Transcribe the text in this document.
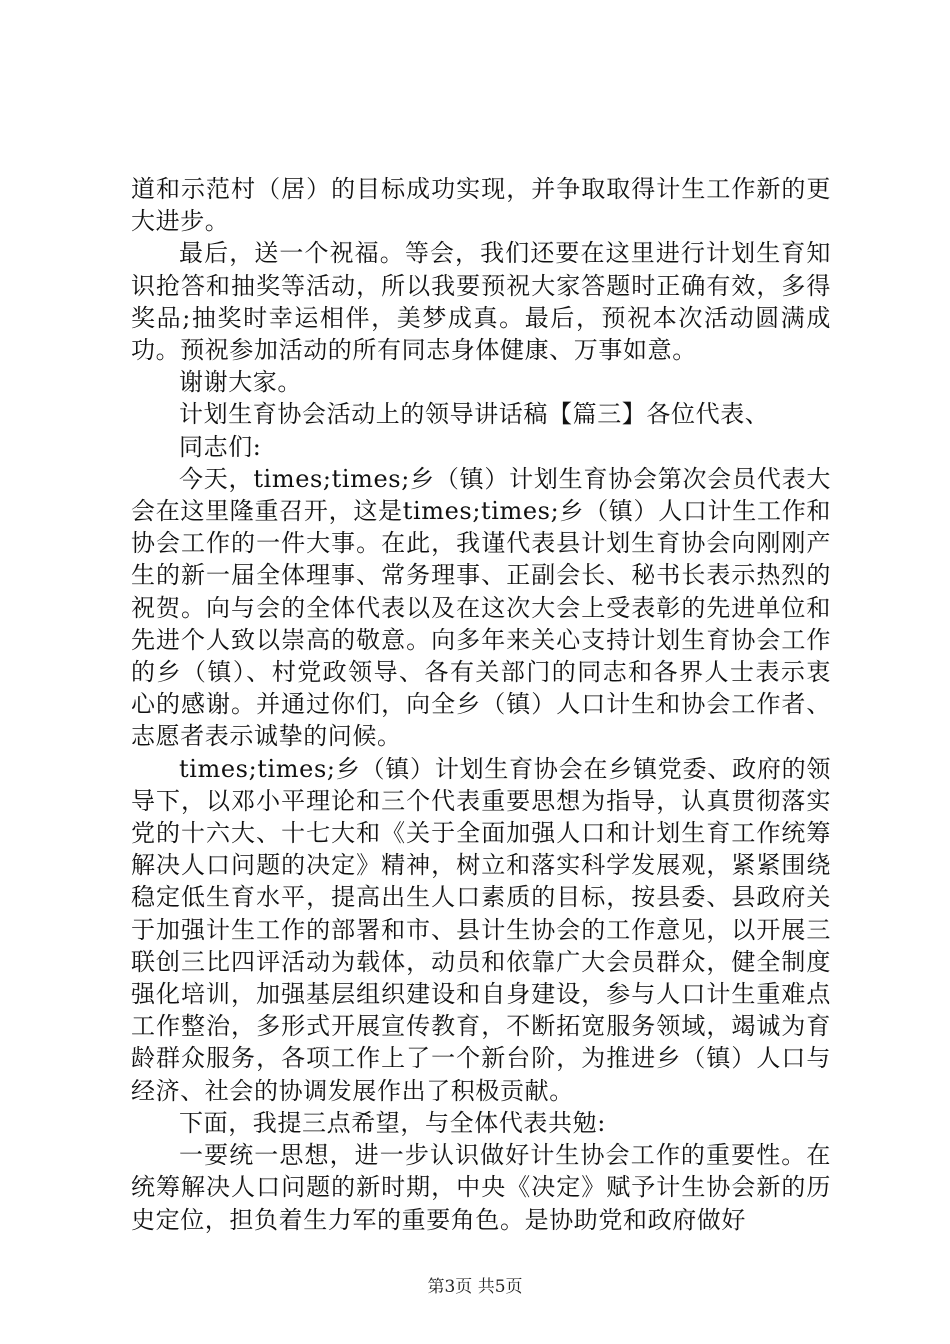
道和示范村（居）的目标成功实现，并争取取得计生工作新的更大进步。

最后，送一个祝福。等会，我们还要在这里进行计划生育知识抢答和抽奖等活动，所以我要预祝大家答题时正确有效，多得奖品;抽奖时幸运相伴，美梦成真。最后，预祝本次活动圆满成功。预祝参加活动的所有同志身体健康、万事如意。

谢谢大家。

计划生育协会活动上的领导讲话稿【篇三】各位代表、

同志们:

今天，times;times;乡（镇）计划生育协会第次会员代表大会在这里隆重召开，这是times;times;乡（镇）人口计生工作和协会工作的一件大事。在此，我谨代表县计划生育协会向刚刚产生的新一届全体理事、常务理事、正副会长、秘书长表示热烈的祝贺。向与会的全体代表以及在这次大会上受表彰的先进单位和先进个人致以崇高的敬意。向多年来关心支持计划生育协会工作的乡（镇）、村党政领导、各有关部门的同志和各界人士表示衷心的感谢。并通过你们，向全乡（镇）人口计生和协会工作者、志愿者表示诚挚的问候。

times;times;乡（镇）计划生育协会在乡镇党委、政府的领导下，以邓小平理论和三个代表重要思想为指导，认真贯彻落实党的十六大、十七大和《关于全面加强人口和计划生育工作统筹解决人口问题的决定》精神，树立和落实科学发展观，紧紧围绕稳定低生育水平，提高出生人口素质的目标，按县委、县政府关于加强计生工作的部署和市、县计生协会的工作意见，以开展三联创三比四评活动为载体，动员和依靠广大会员群众，健全制度强化培训，加强基层组织建设和自身建设，参与人口计生重难点工作整治，多形式开展宣传教育，不断拓宽服务领域，竭诚为育龄群众服务，各项工作上了一个新台阶，为推进乡（镇）人口与经济、社会的协调发展作出了积极贡献。

下面，我提三点希望，与全体代表共勉:

一要统一思想，进一步认识做好计生协会工作的重要性。在统筹解决人口问题的新时期，中央《决定》赋予计生协会新的历史定位，担负着生力军的重要角色。是协助党和政府做好

第3页 共5页
